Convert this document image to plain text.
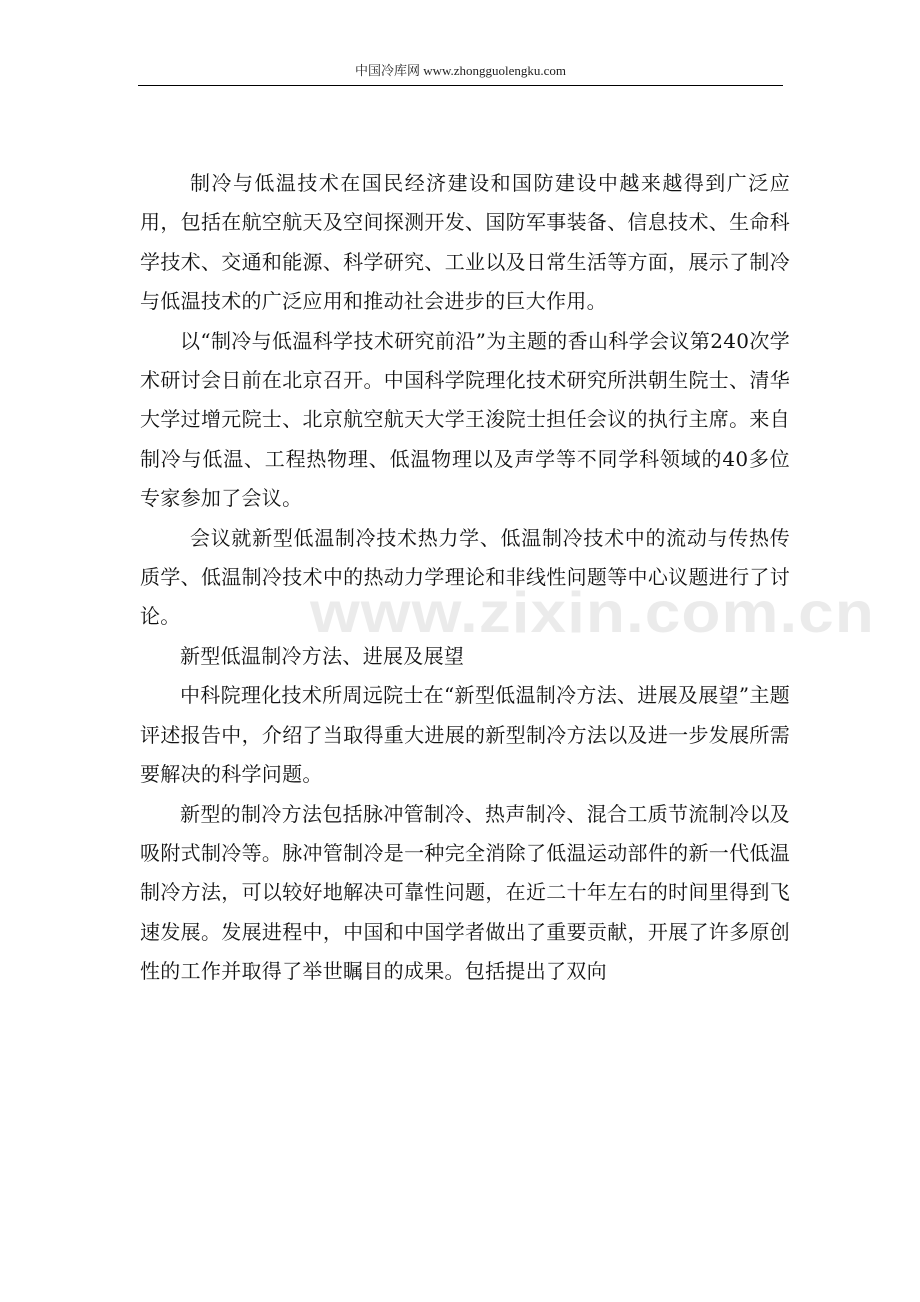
中国冷库网 www.zhongguolengku.com

制冷与低温技术在国民经济建设和国防建设中越来越得到广泛应用，包括在航空航天及空间探测开发、国防军事装备、信息技术、生命科学技术、交通和能源、科学研究、工业以及日常生活等方面，展示了制冷与低温技术的广泛应用和推动社会进步的巨大作用。

以“制冷与低温科学技术研究前沿”为主题的香山科学会议第240次学术研讨会日前在北京召开。中国科学院理化技术研究所洪朝生院士、清华大学过增元院士、北京航空航天大学王浚院士担任会议的执行主席。来自制冷与低温、工程热物理、低温物理以及声学等不同学科领域的40多位专家参加了会议。

会议就新型低温制冷技术热力学、低温制冷技术中的流动与传热传质学、低温制冷技术中的热动力学理论和非线性问题等中心议题进行了讨论。

新型低温制冷方法、进展及展望

中科院理化技术所周远院士在“新型低温制冷方法、进展及展望”主题评述报告中，介绍了当取得重大进展的新型制冷方法以及进一步发展所需要解决的科学问题。

新型的制冷方法包括脉冲管制冷、热声制冷、混合工质节流制冷以及吸附式制冷等。脉冲管制冷是一种完全消除了低温运动部件的新一代低温制冷方法，可以较好地解决可靠性问题，在近二十年左右的时间里得到飞速发展。发展进程中，中国和中国学者做出了重要贡献，开展了许多原创性的工作并取得了举世瞩目的成果。包括提出了双向

www.zixin.com.cn
